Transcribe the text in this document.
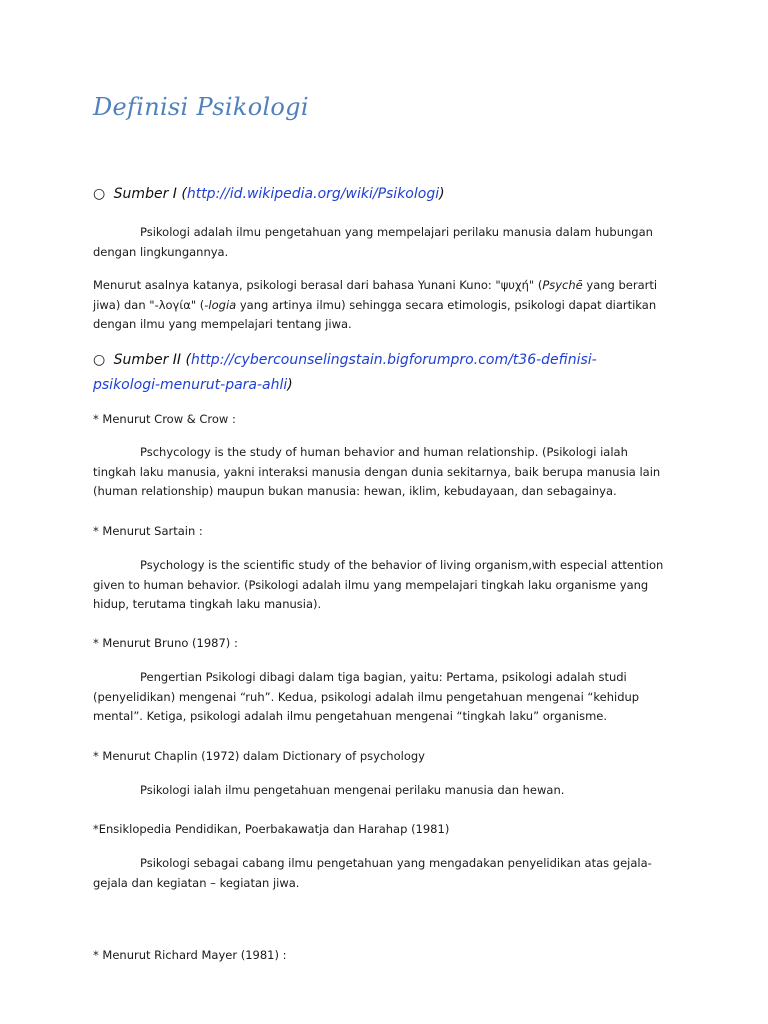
Definisi Psikologi
○ Sumber I (http://id.wikipedia.org/wiki/Psikologi)

Psikologi adalah ilmu pengetahuan yang mempelajari perilaku manusia dalam hubungan dengan lingkungannya.

Menurut asalnya katanya, psikologi berasal dari bahasa Yunani Kuno: "ψυχή" (Psychē yang berarti jiwa) dan "-λογία" (-logia yang artinya ilmu) sehingga secara etimologis, psikologi dapat diartikan dengan ilmu yang mempelajari tentang jiwa.

○ Sumber II (http://cybercounselingstain.bigforumpro.com/t36-definisi-
psikologi-menurut-para-ahli)
* Menurut Crow & Crow :

Pschycology is the study of human behavior and human relationship. (Psikologi ialah tingkah laku manusia, yakni interaksi manusia dengan dunia sekitarnya, baik berupa manusia lain (human relationship) maupun bukan manusia: hewan, iklim, kebudayaan, dan sebagainya.

* Menurut Sartain :

Psychology is the scientific study of the behavior of living organism,with especial attention given to human behavior. (Psikologi adalah ilmu yang mempelajari tingkah laku organisme yang hidup, terutama tingkah laku manusia).

* Menurut Bruno (1987) :

Pengertian Psikologi dibagi dalam tiga bagian, yaitu: Pertama, psikologi adalah studi (penyelidikan) mengenai “ruh”. Kedua, psikologi adalah ilmu pengetahuan mengenai “kehidup mental”. Ketiga, psikologi adalah ilmu pengetahuan mengenai “tingkah laku” organisme.

* Menurut Chaplin (1972) dalam Dictionary of psychology

Psikologi ialah ilmu pengetahuan mengenai perilaku manusia dan hewan.

*Ensiklopedia Pendidikan, Poerbakawatja dan Harahap (1981)

Psikologi sebagai cabang ilmu pengetahuan yang mengadakan penyelidikan atas gejala-gejala dan kegiatan – kegiatan jiwa.

* Menurut Richard Mayer (1981) :
